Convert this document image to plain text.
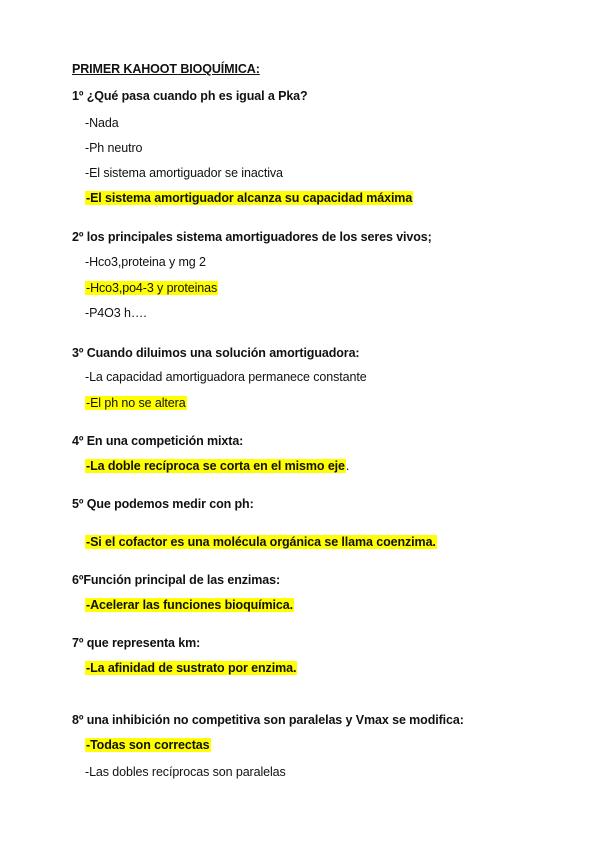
PRIMER KAHOOT BIOQUÍMICA:
1º ¿Qué pasa cuando ph es igual a Pka?
-Nada
-Ph neutro
-El sistema amortiguador se inactiva
-El sistema amortiguador alcanza su capacidad máxima
2º los principales sistema amortiguadores de los seres vivos;
-Hco3,proteina y mg 2
-Hco3,po4-3 y proteinas
-P4O3 h….
3º Cuando diluimos una solución amortiguadora:
-La capacidad amortiguadora permanece constante
-El ph no se altera
4º En una competición mixta:
-La doble recíproca se corta en el mismo eje.
5º Que podemos medir con ph:
-Si el cofactor es una molécula orgánica se llama coenzima.
6ºFunción principal de las enzimas:
-Acelerar las funciones bioquímica.
7º que representa km:
-La afinidad de sustrato por enzima.
8º una inhibición no competitiva son paralelas y Vmax se modifica:
-Todas son correctas
-Las dobles recíprocas son paralelas
